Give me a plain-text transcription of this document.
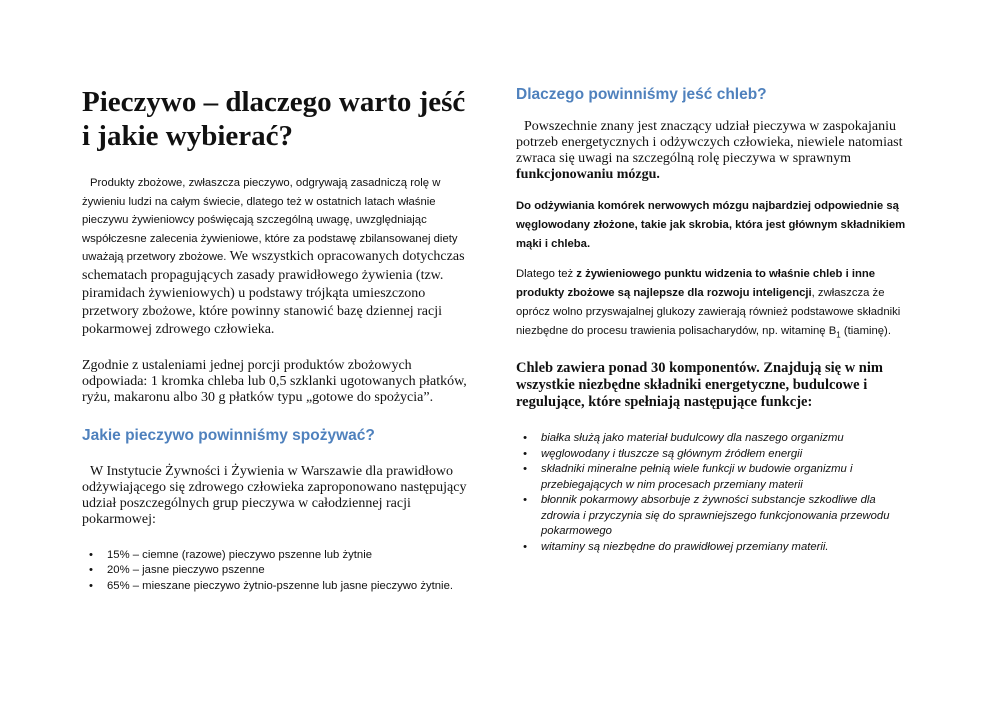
Pieczywo – dlaczego warto jeść
i jakie wybierać?

Produkty zbożowe, zwłaszcza pieczywo, odgrywają zasadniczą rolę w żywieniu ludzi na całym świecie, dlatego też w ostatnich latach właśnie pieczywu żywieniowcy poświęcają szczególną uwagę, uwzględniając współczesne zalecenia żywieniowe, które za podstawę zbilansowanej diety uważają przetwory zbożowe. We wszystkich opracowanych dotychczas schematach propagujących zasady prawidłowego żywienia (tzw. piramidach żywieniowych) u podstawy trójkąta umieszczono przetwory zbożowe, które powinny stanowić bazę dziennej racji pokarmowej zdrowego człowieka.

Zgodnie z ustaleniami jednej porcji produktów zbożowych odpowiada: 1 kromka chleba lub 0,5 szklanki ugotowanych płatków, ryżu, makaronu albo 30 g płatków typu „gotowe do spożycia”.

Jakie pieczywo powinniśmy spożywać?

W Instytucie Żywności i Żywienia w Warszawie dla prawidłowo odżywiającego się zdrowego człowieka zaproponowano następujący udział poszczególnych grup pieczywa w całodziennej racji pokarmowej:

• 15% – ciemne (razowe) pieczywo pszenne lub żytnie
• 20% – jasne pieczywo pszenne
• 65% – mieszane pieczywo żytnio-pszenne lub jasne pieczywo żytnie.
Dlaczego powinniśmy jeść chleb?

Powszechnie znany jest znaczący udział pieczywa w zaspokajaniu potrzeb energetycznych i odżywczych człowieka, niewiele natomiast zwraca się uwagi na szczególną rolę pieczywa w sprawnym funkcjonowaniu mózgu.

Do odżywiania komórek nerwowych mózgu najbardziej odpowiednie są węglowodany złożone, takie jak skrobia, która jest głównym składnikiem mąki i chleba.

Dlatego też z żywieniowego punktu widzenia to właśnie chleb i inne produkty zbożowe są najlepsze dla rozwoju inteligencji, zwłaszcza że oprócz wolno przyswajalnej glukozy zawierają również podstawowe składniki niezbędne do procesu trawienia polisacharydów, np. witaminę $B_1$ (tiaminę).

Chleb zawiera ponad 30 komponentów. Znajdują się w nim wszystkie niezbędne składniki energetyczne, budulcowe i regulujące, które spełniają następujące funkcje:

• białka służą jako materiał budulcowy dla naszego organizmu
• węglowodany i tłuszcze są głównym źródłem energii
• składniki mineralne pełnią wiele funkcji w budowie organizmu i przebiegających w nim procesach przemiany materii
• błonnik pokarmowy absorbuje z żywności substancje szkodliwe dla zdrowia i przyczynia się do sprawniejszego funkcjonowania przewodu pokarmowego
• witaminy są niezbędne do prawidłowej przemiany materii.
